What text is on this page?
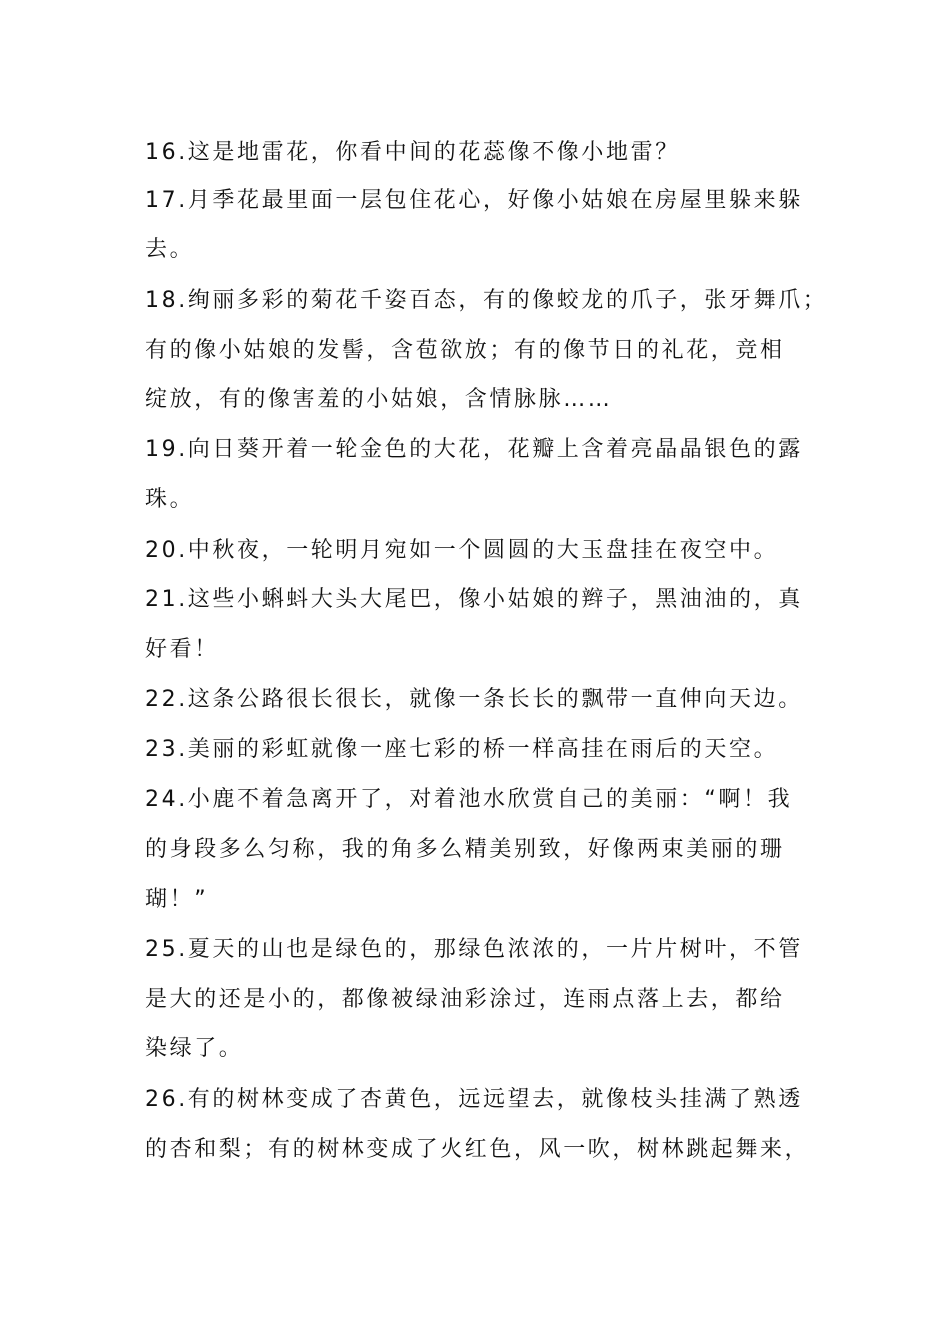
16.这是地雷花，你看中间的花蕊像不像小地雷？
17.月季花最里面一层包住花心，好像小姑娘在房屋里躲来躲
去。
18.绚丽多彩的菊花千姿百态，有的像蛟龙的爪子，张牙舞爪；
有的像小姑娘的发髻，含苞欲放；有的像节日的礼花，竞相
绽放，有的像害羞的小姑娘，含情脉脉……
19.向日葵开着一轮金色的大花，花瓣上含着亮晶晶银色的露
珠。
20.中秋夜，一轮明月宛如一个圆圆的大玉盘挂在夜空中。
21.这些小蝌蚪大头大尾巴，像小姑娘的辫子，黑油油的，真
好看！
22.这条公路很长很长，就像一条长长的飘带一直伸向天边。
23.美丽的彩虹就像一座七彩的桥一样高挂在雨后的天空。
24.小鹿不着急离开了，对着池水欣赏自己的美丽：“啊！我
的身段多么匀称，我的角多么精美别致，好像两束美丽的珊
瑚！”
25.夏天的山也是绿色的，那绿色浓浓的，一片片树叶，不管
是大的还是小的，都像被绿油彩涂过，连雨点落上去，都给
染绿了。
26.有的树林变成了杏黄色，远远望去，就像枝头挂满了熟透
的杏和梨；有的树林变成了火红色，风一吹，树林跳起舞来，
